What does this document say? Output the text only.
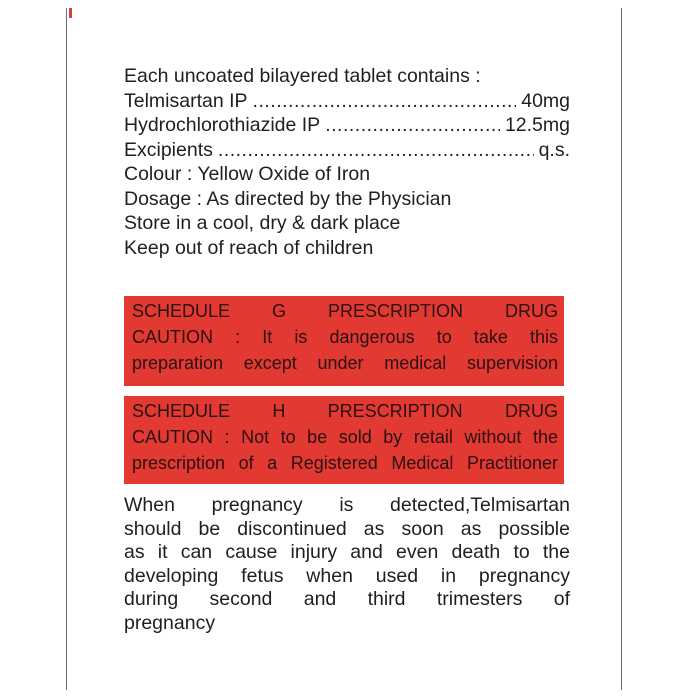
Each uncoated bilayered tablet contains :
Telmisartan IP .....	40mg
Hydrochlorothiazide IP .....	12.5mg
Excipients .....	q.s.
Colour : Yellow Oxide of Iron
Dosage : As directed by the Physician
Store in a cool, dry & dark place
Keep out of reach of children
SCHEDULE G PRESCRIPTION DRUG
CAUTION : It is dangerous to take this
preparation except under medical supervision
SCHEDULE H PRESCRIPTION DRUG
CAUTION : Not to be sold by retail without the
prescription of a Registered Medical Practitioner
When pregnancy is detected,Telmisartan
should be discontinued as soon as possible
as it can cause injury and even death to the
developing fetus when used in pregnancy
during second and third trimesters of
pregnancy
